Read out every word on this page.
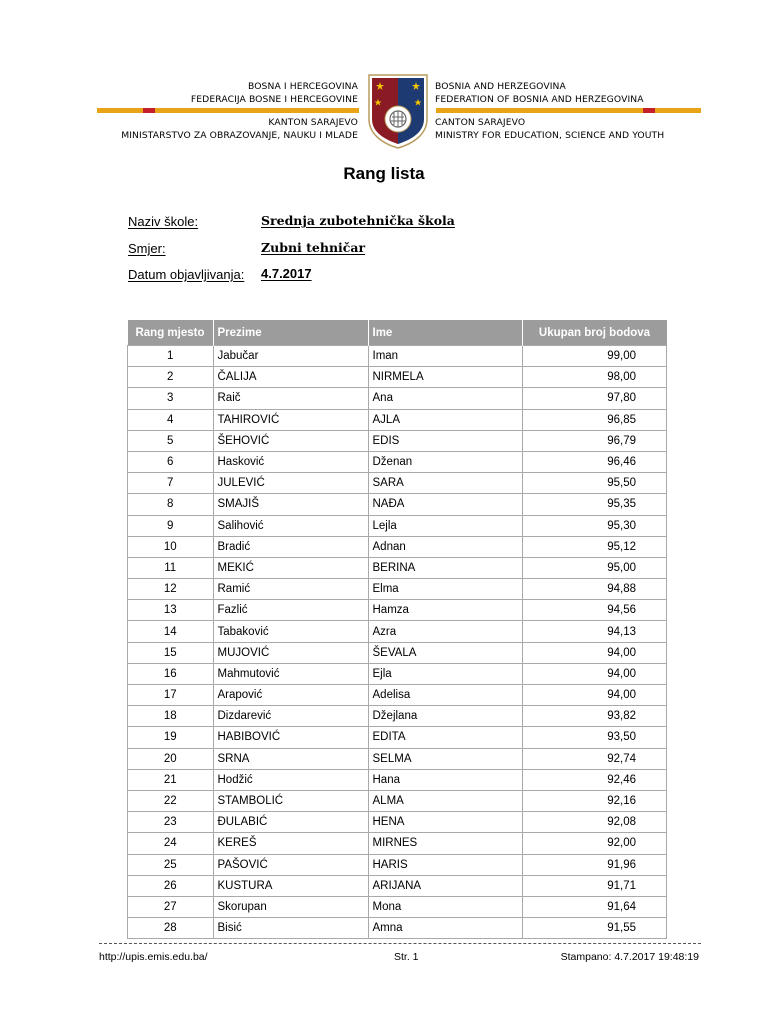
BOSNA I HERCEGOVINA
FEDERACIJA BOSNE I HERCEGOVINE
KANTON SARAJEVO
MINISTARSTVO ZA OBRAZOVANJE, NAUKU I MLADE
BOSNIA AND HERZEGOVINA
FEDERATION OF BOSNIA AND HERZEGOVINA
CANTON SARAJEVO
MINISTRY FOR EDUCATION, SCIENCE AND YOUTH
Rang lista
Naziv škole:	Srednja zubotehnička škola
Smjer:	Zubni tehničar
Datum objavljivanja: 4.7.2017
Rang mjesto	Prezime	Ime	Ukupan broj bodova
1	Jabučar	Iman	99,00
2	ČALIJA	NIRMELA	98,00
3	Raič	Ana	97,80
4	TAHIROVIĆ	AJLA	96,85
5	ŠEHOVIĆ	EDIS	96,79
6	Hasković	Dženan	96,46
7	JULEVIĆ	SARA	95,50
8	SMAJIŠ	NAĐA	95,35
9	Salihović	Lejla	95,30
10	Bradić	Adnan	95,12
11	MEKIĆ	BERINA	95,00
12	Ramić	Elma	94,88
13	Fazlić	Hamza	94,56
14	Tabaković	Azra	94,13
15	MUJOVIĆ	ŠEVALA	94,00
16	Mahmutović	Ejla	94,00
17	Arapović	Adelisa	94,00
18	Dizdarević	Džejlana	93,82
19	HABIBOVIĆ	EDITA	93,50
20	SRNA	SELMA	92,74
21	Hodžić	Hana	92,46
22	STAMBOLIĆ	ALMA	92,16
23	ĐULABIĆ	HENA	92,08
24	KEREŠ	MIRNES	92,00
25	PAŠOVIĆ	HARIS	91,96
26	KUSTURA	ARIJANA	91,71
27	Skorupan	Mona	91,64
28	Bisić	Amna	91,55
http://upis.emis.edu.ba/	Str. 1	Stampano: 4.7.2017 19:48:19
